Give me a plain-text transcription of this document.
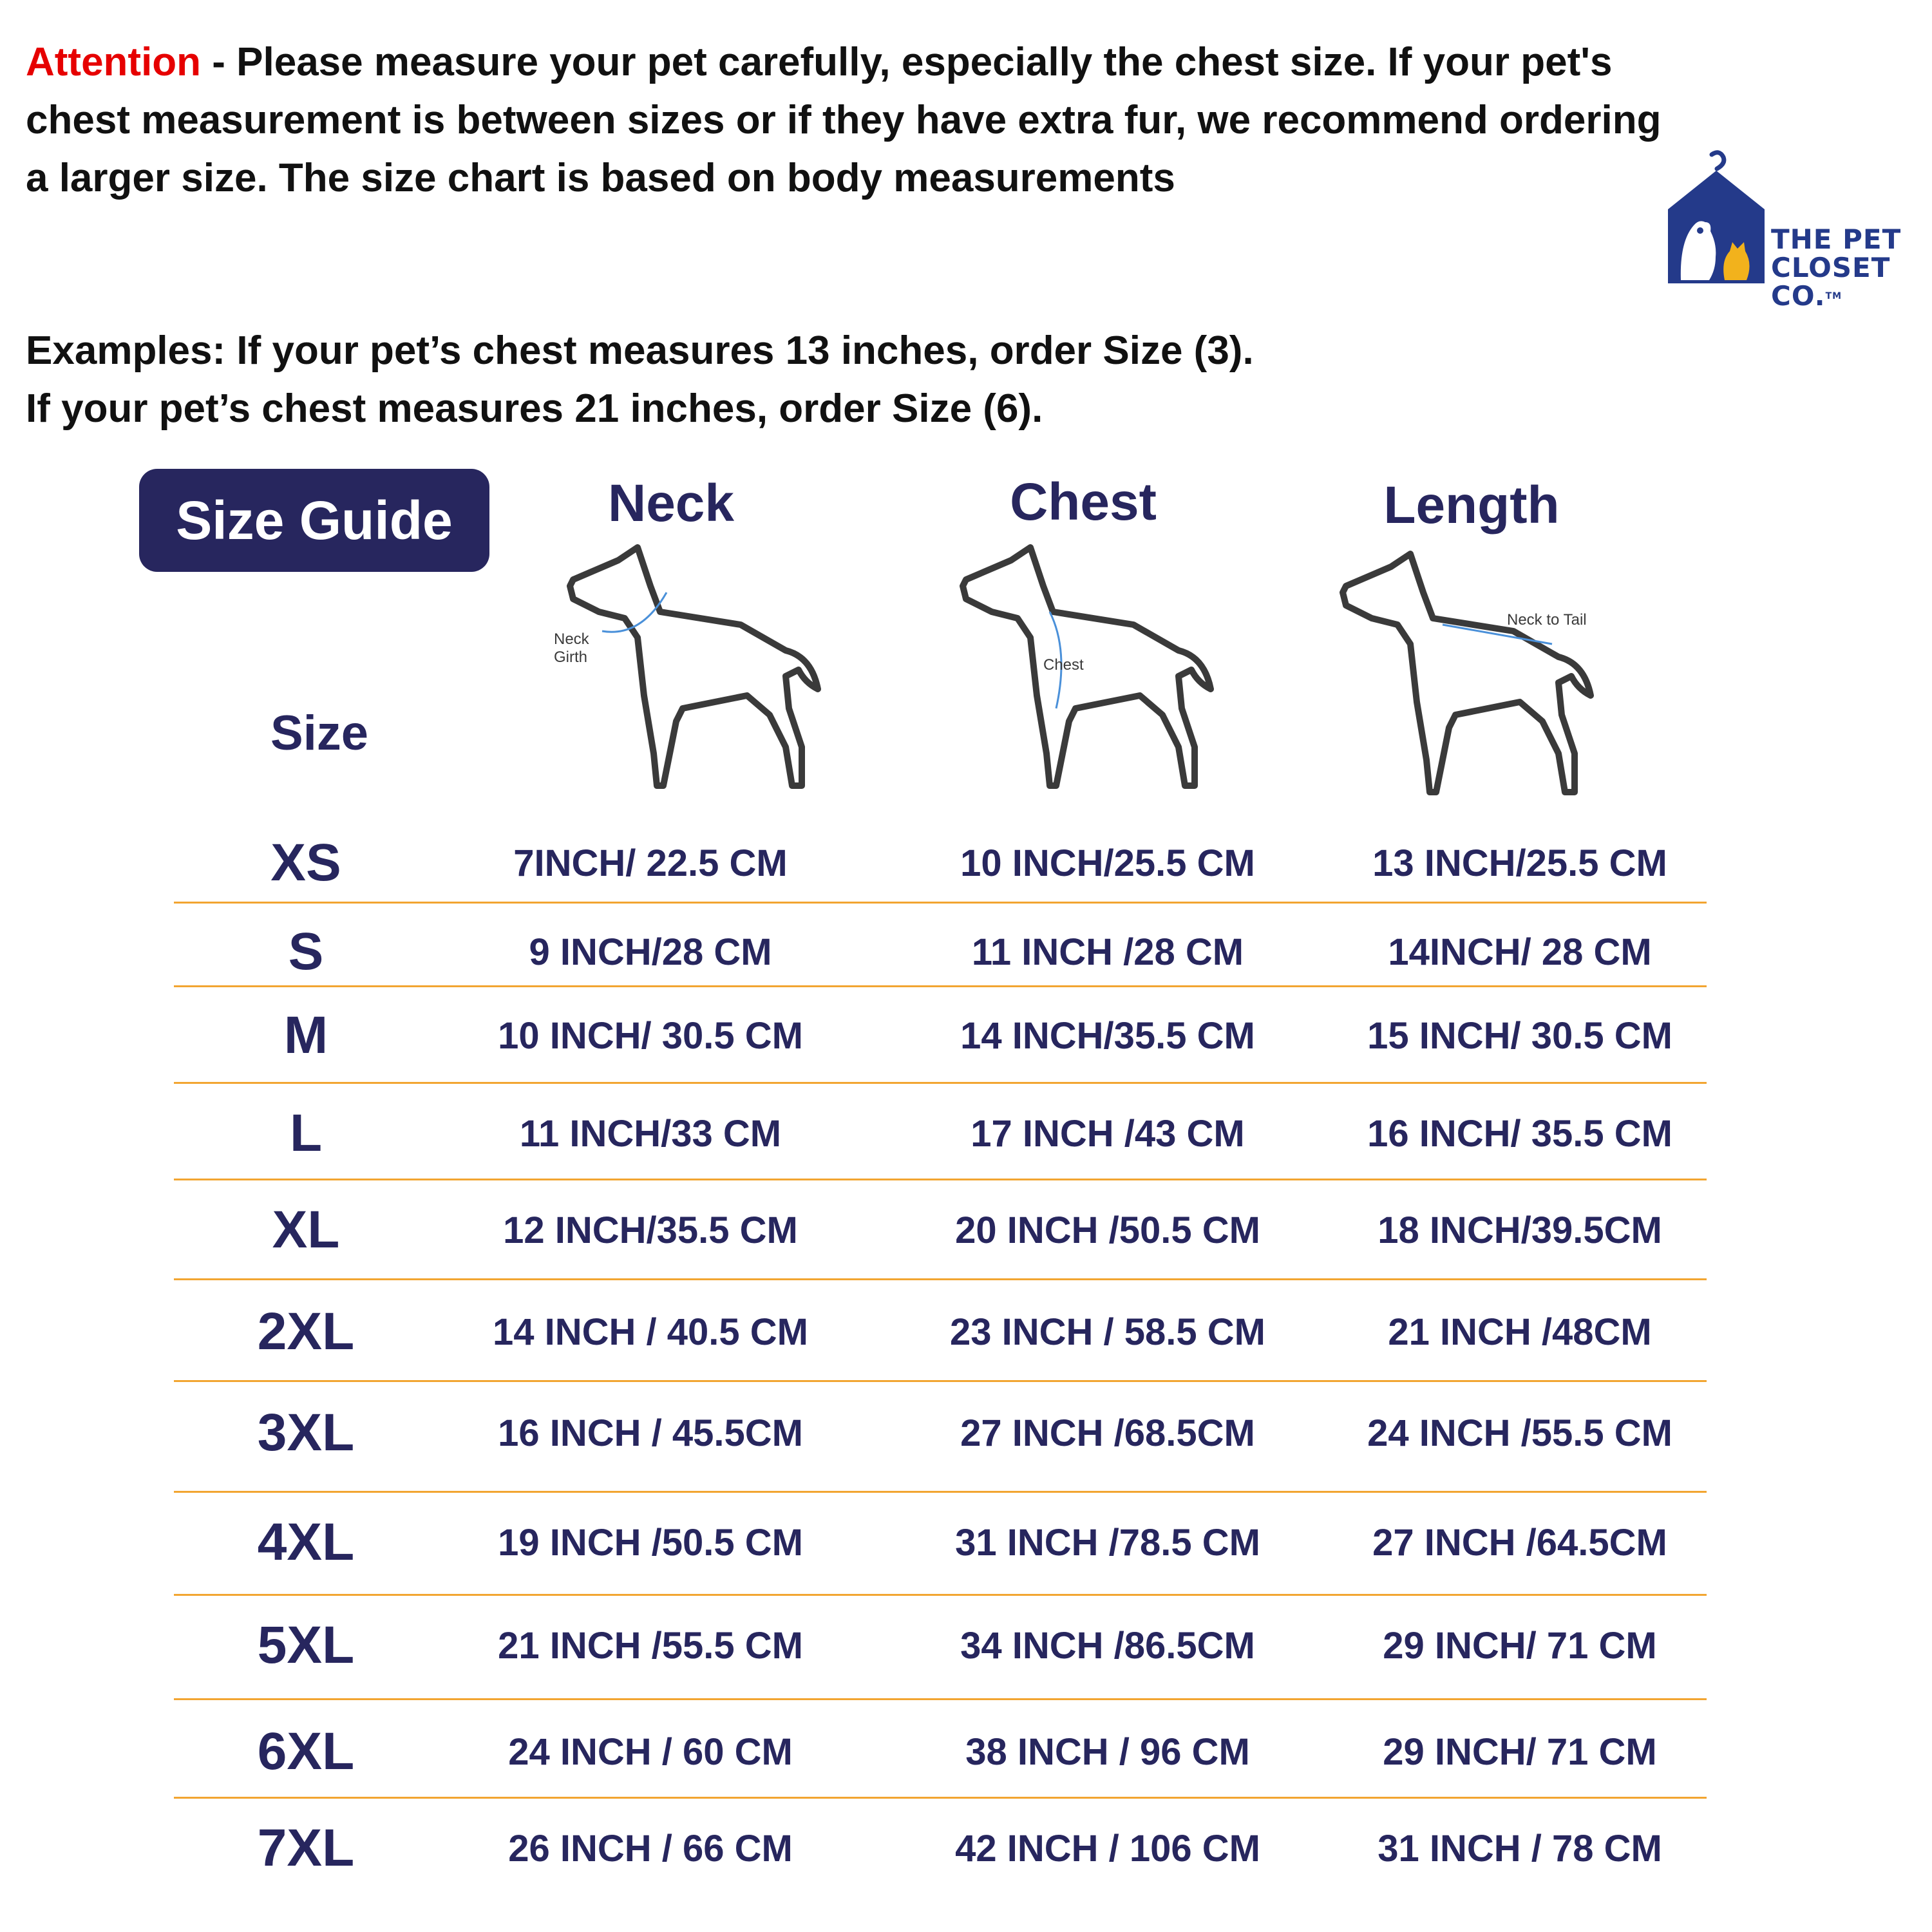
Attention - Please measure your pet carefully, especially the chest size. If your pet's chest measurement is between sizes or if they have extra fur, we recommend ordering a larger size. The size chart is based on body measurements
Examples: If your pet’s chest measures 13 inches, order Size (3).
If your pet’s chest measures 21 inches, order Size (6).
THE PET
CLOSET CO.™
Size Guide	Neck	Chest	Length
Size
Neck Girth	Chest
Neck to Tail
XS	7INCH/ 22.5 CM	10 INCH/25.5 CM	13 INCH/25.5 CM
S	9 INCH/28 CM	11 INCH /28 CM	14INCH/ 28 CM
M	10 INCH/ 30.5 CM	14 INCH/35.5 CM	15 INCH/ 30.5 CM
L	11 INCH/33 CM	17 INCH /43 CM	16 INCH/ 35.5 CM
XL	12 INCH/35.5 CM	20 INCH /50.5 CM	18 INCH/39.5CM
2XL	14 INCH / 40.5 CM	23 INCH / 58.5 CM	21 INCH /48CM
3XL	16 INCH / 45.5CM	27 INCH /68.5CM	24 INCH /55.5 CM
4XL	19 INCH /50.5 CM	31 INCH /78.5 CM	27 INCH /64.5CM
5XL	21 INCH /55.5 CM	34 INCH /86.5CM	29 INCH/ 71 CM
6XL	24 INCH / 60 CM	38 INCH / 96 CM	29 INCH/ 71 CM
7XL	26 INCH / 66 CM	42 INCH / 106 CM	31 INCH / 78 CM
